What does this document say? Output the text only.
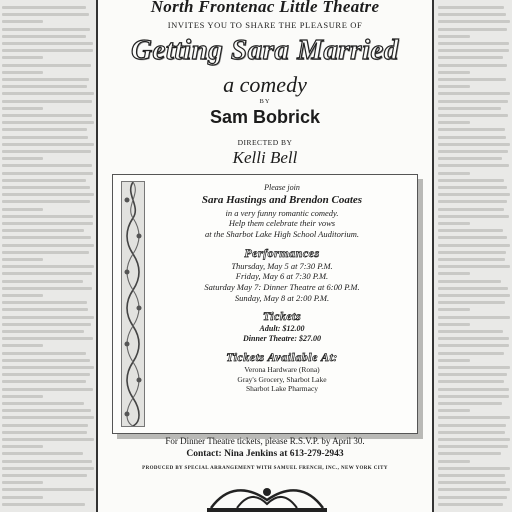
North Frontenac Little Theatre
INVITES YOU TO SHARE THE PLEASURE OF
Getting Sara Married
a comedy
BY
Sam Bobrick
DIRECTED BY
Kelli Bell
Please join
Sara Hastings and Brendon Coates
in a very funny romantic comedy.
Help them celebrate their vows
at the Sharbot Lake High School Auditorium.
Performances
Thursday, May 5 at 7:30 P.M.
Friday, May 6 at 7:30 P.M.
Saturday May 7: Dinner Theatre at 6:00 P.M.
Sunday, May 8 at 2:00 P.M.
Tickets
Adult: $12.00
Dinner Theatre: $27.00
Tickets Available At:
Verona Hardware (Rona)
Gray's Grocery, Sharbot Lake
Sharbot Lake Pharmacy
For Dinner Theatre tickets, please R.S.V.P. by April 30.
Contact: Nina Jenkins at 613-279-2943
PRODUCED BY SPECIAL ARRANGEMENT WITH SAMUEL FRENCH, INC., NEW YORK CITY
